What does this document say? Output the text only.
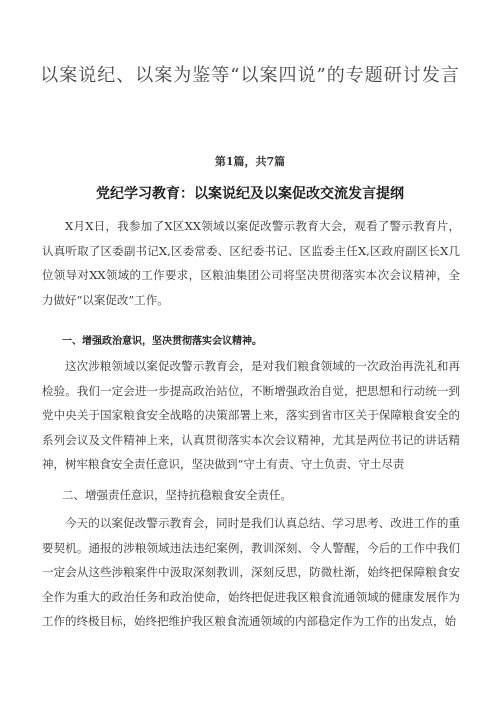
以案说纪、以案为鉴等“以案四说”的专题研讨发言
第1篇，共7篇
党纪学习教育：以案说纪及以案促改交流发言提纲

X月X日，我参加了X区XX领域以案促改警示教育大会，观看了警示教育片，认真听取了区委副书记X,区委常委、区纪委书记、区监委主任X,区政府副区长X几位领导对XX领域的工作要求，区粮油集团公司将坚决贯彻落实本次会议精神，全力做好“以案促改”工作。

一、增强政治意识，坚决贯彻落实会议精神。

这次涉粮领域以案促改警示教育会，是对我们粮食领域的一次政治再洗礼和再检验。我们一定会进一步提高政治站位，不断增强政治自觉，把思想和行动统一到党中央关于国家粮食安全战略的决策部署上来，落实到省市区关于保障粮食安全的系列会议及文件精神上来，认真贯彻落实本次会议精神，尤其是两位书记的讲话精神，树牢粮食安全责任意识，坚决做到“守土有责、守土负责、守土尽责

二、增强责任意识，坚持抗稳粮食安全责任。

今天的以案促改警示教育会，同时是我们认真总结、学习思考、改进工作的重要契机。通报的涉粮领域违法违纪案例，教训深刻、令人警醒，今后的工作中我们一定会从这些涉粮案件中汲取深刻教训，深刻反思，防微杜渐，始终把保障粮食安全作为重大的政治任务和政治使命，始终把促进我区粮食流通领域的健康发展作为工作的终极目标，始终把维护我区粮食流通领域的内部稳定作为工作的出发点，始
